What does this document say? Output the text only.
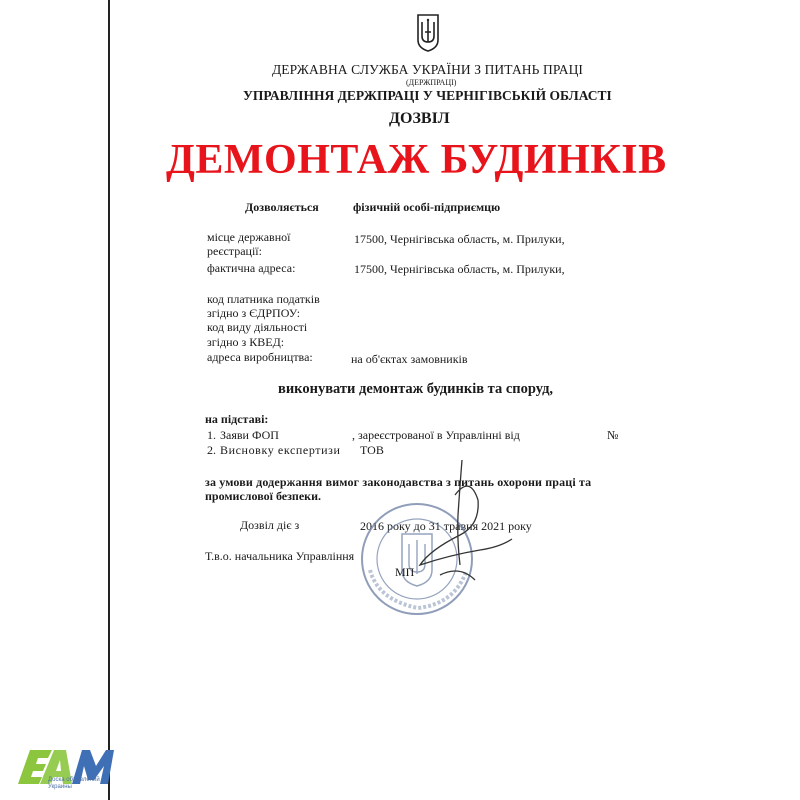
ДЕРЖАВНА СЛУЖБА УКРАЇНИ З ПИТАНЬ ПРАЦІ
(ДЕРЖПРАЦІ)
УПРАВЛІННЯ ДЕРЖПРАЦІ У ЧЕРНІГІВСЬКІЙ ОБЛАСТІ
ДОЗВІЛ
ДЕМОНТАЖ БУДИНКІВ
Дозволяється	фізичній особі-підприємцю
місце державної
реєстрації:
17500, Чернігівська область, м. Прилуки,
фактична адреса:	17500, Чернігівська область, м. Прилуки,
код платника податків
згідно з ЄДРПОУ:
код виду діяльності
згідно з КВЕД:
адреса виробництва:	на об'єктах замовників
виконувати демонтаж будинків та споруд,
на підставі:
1. Заяви ФОП	, зареєстрованої в Управлінні від	№
2. Висновку експертизи ТОВ
за умови додержання вимог законодавства з питань охорони праці та
промислової безпеки.
Дозвіл діє з	2016 року до 31 травня 2021 року
Т.в.о. начальника Управління
МП
Доска объявлений
Украины
